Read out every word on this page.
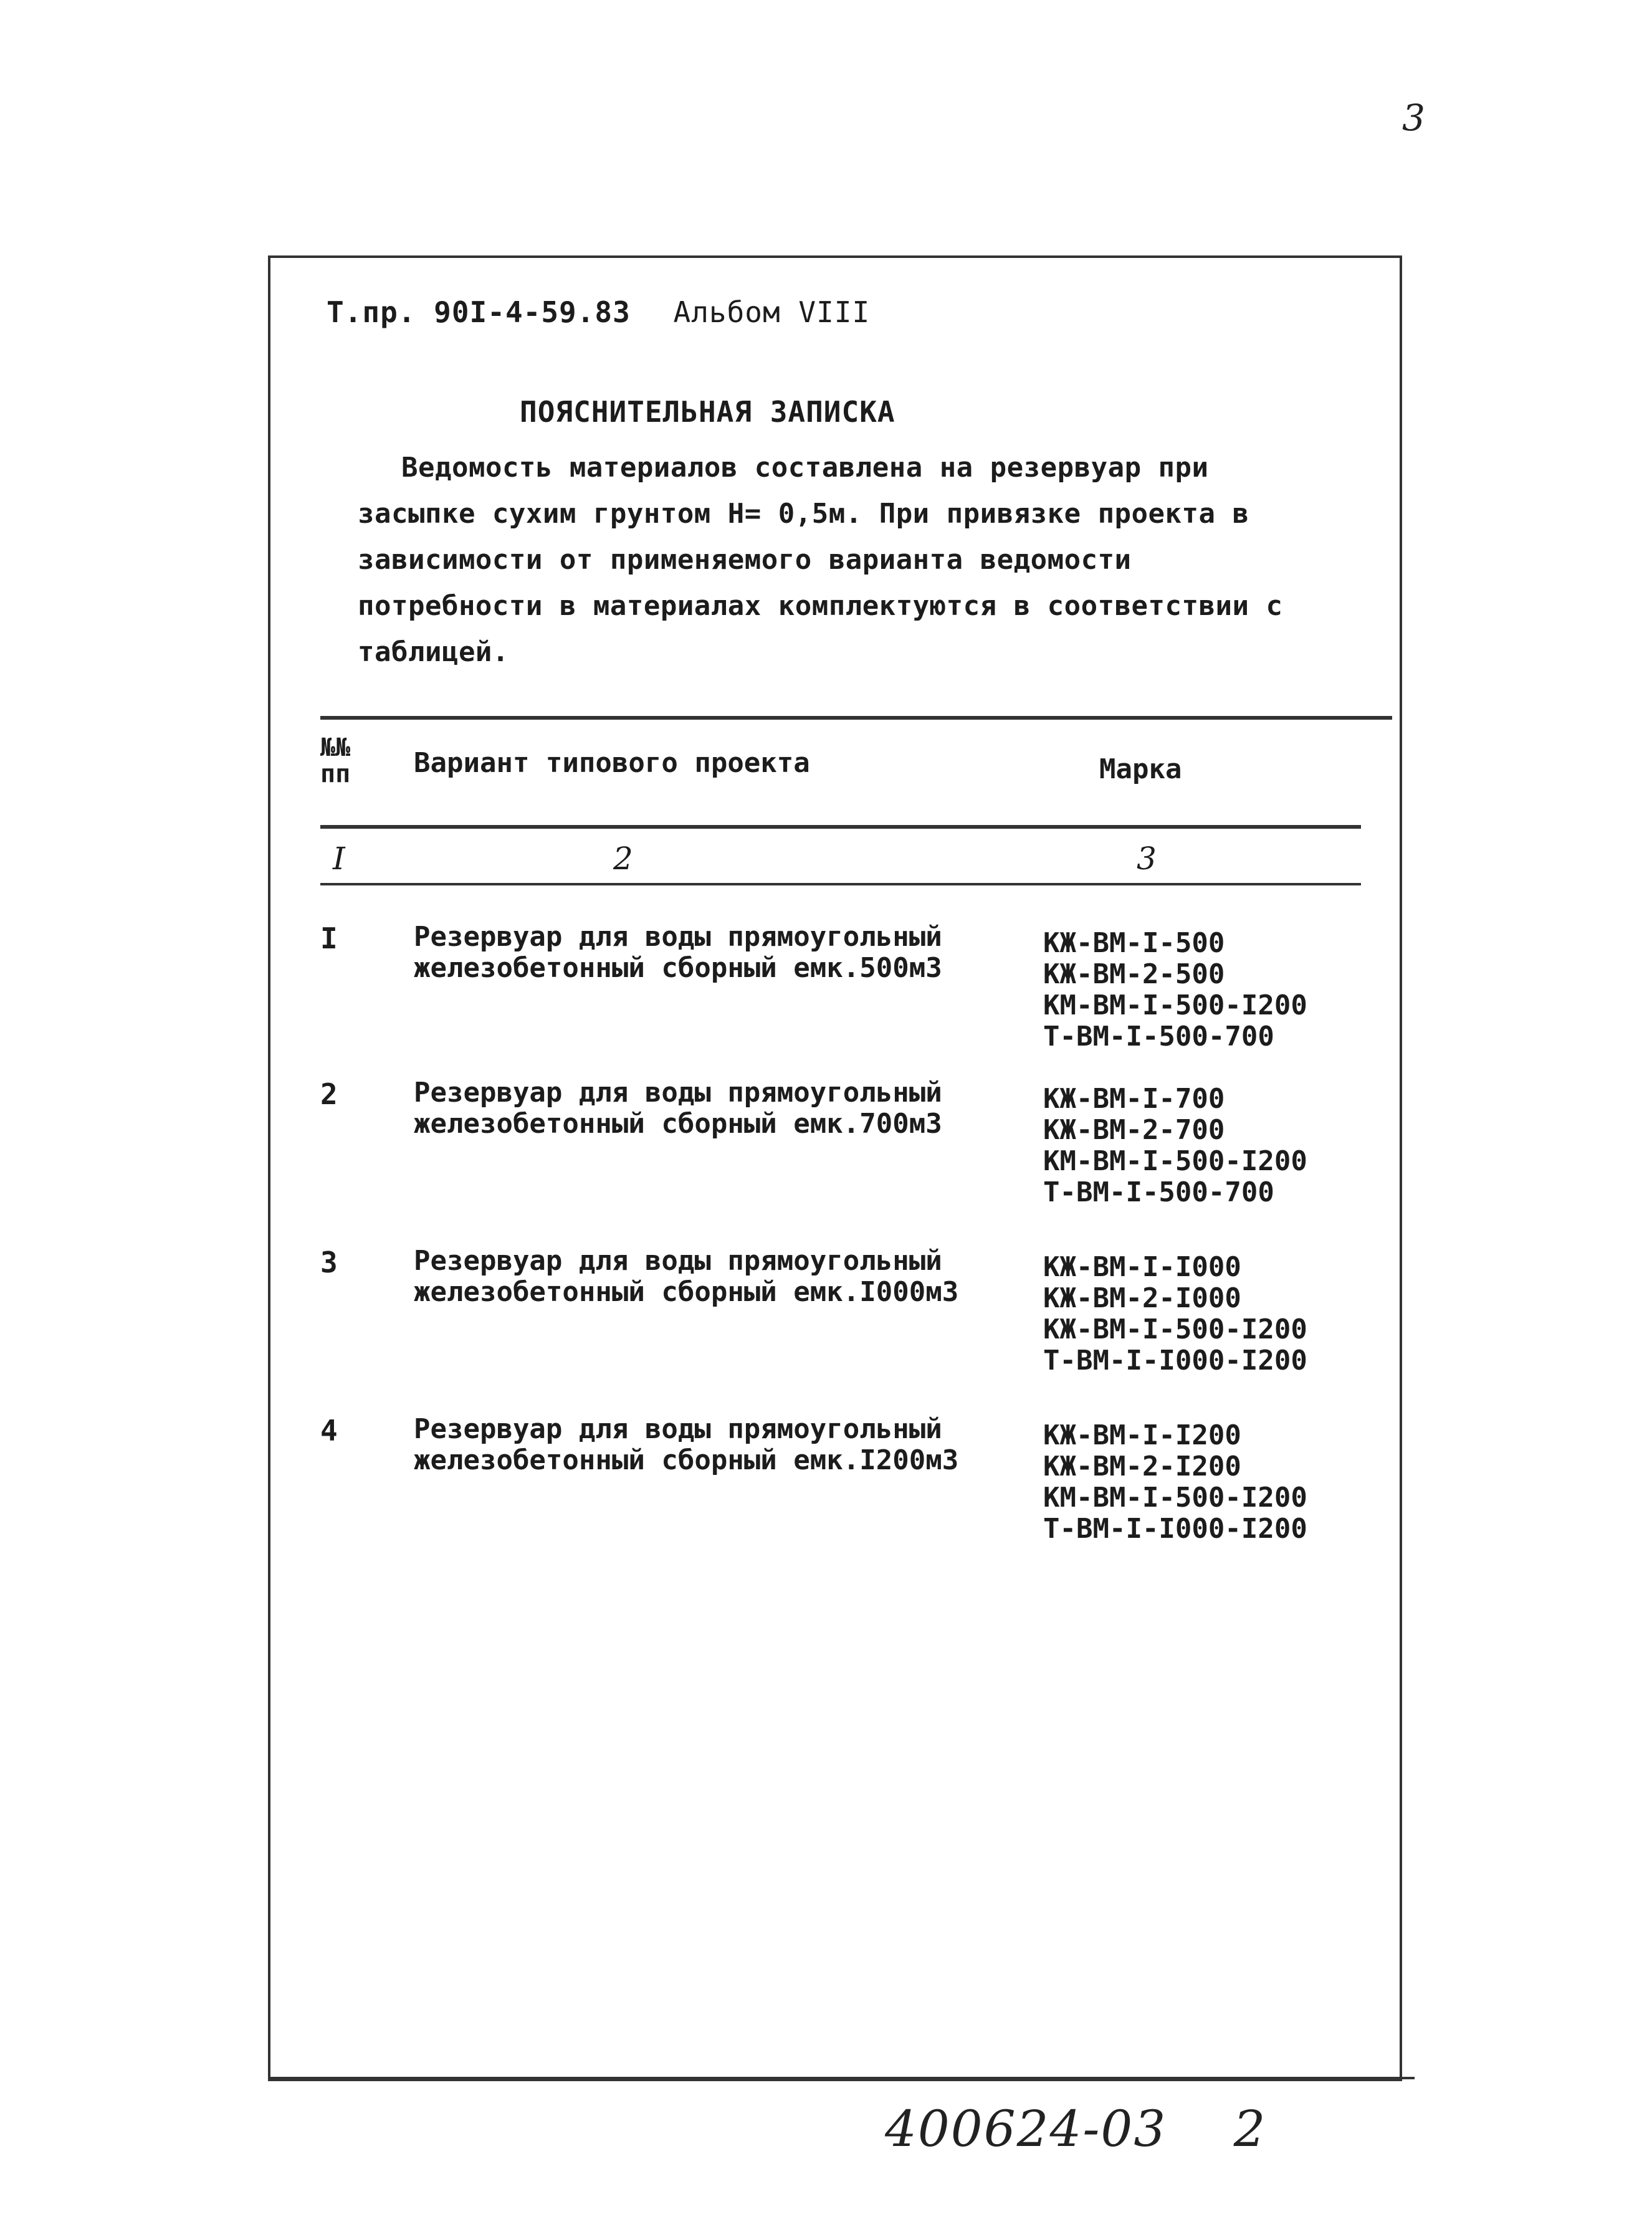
3
Т.пр. 90I-4-59.83 Альбом VIII
ПОЯСНИТЕЛЬНАЯ ЗАПИСКА
Ведомость материалов составлена на резервуар при засыпке сухим грунтом Н= 0,5м. При привязке проекта в зависимости от применяемого варианта ведомости потребности в материалах комплектуются в соответствии с таблицей.
№№ пп	Вариант типового проекта	Марка
I	2	3
I	Резервуар для воды прямоугольный железобетонный сборный емк.500м3
КЖ-ВМ-I-500
КЖ-ВМ-2-500
КМ-ВМ-I-500-I200
Т-ВМ-I-500-700
2	Резервуар для воды прямоугольный железобетонный сборный емк.700м3
КЖ-ВМ-I-700
КЖ-ВМ-2-700
КМ-ВМ-I-500-I200
Т-ВМ-I-500-700
3	Резервуар для воды прямоугольный железобетонный сборный емк.I000м3
КЖ-ВМ-I-I000
КЖ-ВМ-2-I000
КЖ-ВМ-I-500-I200
Т-ВМ-I-I000-I200
4	Резервуар для воды прямоугольный железобетонный сборный емк.I200м3
КЖ-ВМ-I-I200
КЖ-ВМ-2-I200
КМ-ВМ-I-500-I200
Т-ВМ-I-I000-I200
400624-03 2
